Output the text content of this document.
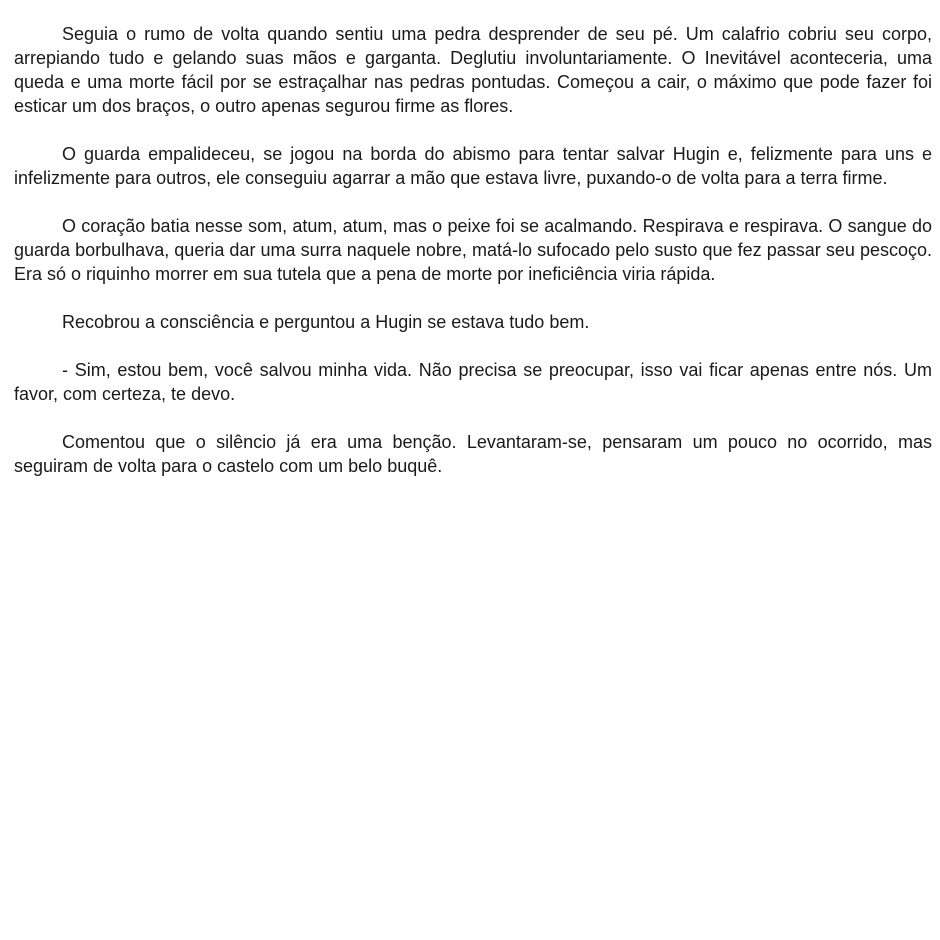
Seguia o rumo de volta quando sentiu uma pedra desprender de seu pé. Um calafrio cobriu seu corpo, arrepiando tudo e gelando suas mãos e garganta. Deglutiu involuntariamente. O Inevitável aconteceria, uma queda e uma morte fácil por se estraçalhar nas pedras pontudas. Começou a cair, o máximo que pode fazer foi esticar um dos braços, o outro apenas segurou firme as flores.

O guarda empalideceu, se jogou na borda do abismo para tentar salvar Hugin e, felizmente para uns e infelizmente para outros, ele conseguiu agarrar a mão que estava livre, puxando-o de volta para a terra firme.

O coração batia nesse som, atum, atum, mas o peixe foi se acalmando. Respirava e respirava. O sangue do guarda borbulhava, queria dar uma surra naquele nobre, matá-lo sufocado pelo susto que fez passar seu pescoço. Era só o riquinho morrer em sua tutela que a pena de morte por ineficiência viria rápida.

Recobrou a consciência e perguntou a Hugin se estava tudo bem.

- Sim, estou bem, você salvou minha vida. Não precisa se preocupar, isso vai ficar apenas entre nós. Um favor, com certeza, te devo.

Comentou que o silêncio já era uma benção. Levantaram-se, pensaram um pouco no ocorrido, mas seguiram de volta para o castelo com um belo buquê.
